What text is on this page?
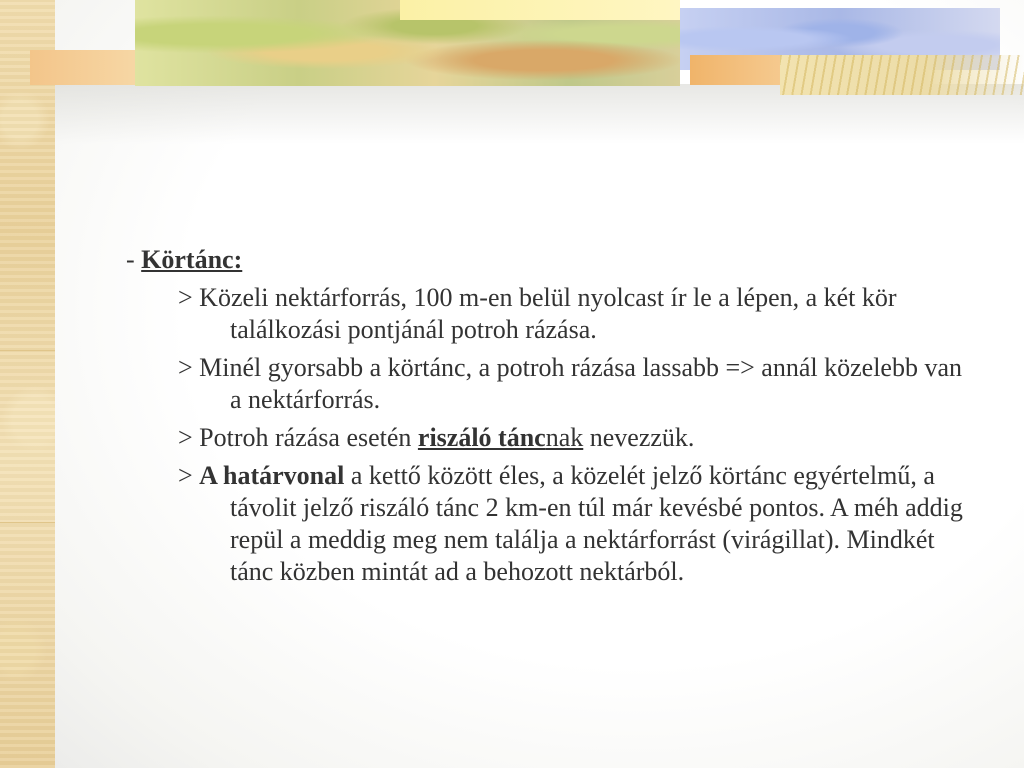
- Körtánc:

> Közeli nektárforrás, 100 m-en belül nyolcast ír le a lépen, a két kör találkozási pontjánál potroh rázása.

> Minél gyorsabb a körtánc, a potroh rázása lassabb => annál közelebb van a nektárforrás.

> Potroh rázása esetén riszáló táncnak nevezzük.

> A határvonal a kettő között éles, a közelét jelző körtánc egyértelmű, a távolit jelző riszáló tánc 2 km-en túl már kevésbé pontos. A méh addig repül a meddig meg nem találja a nektárforrást (virágillat). Mindkét tánc közben mintát ad a behozott nektárból.
